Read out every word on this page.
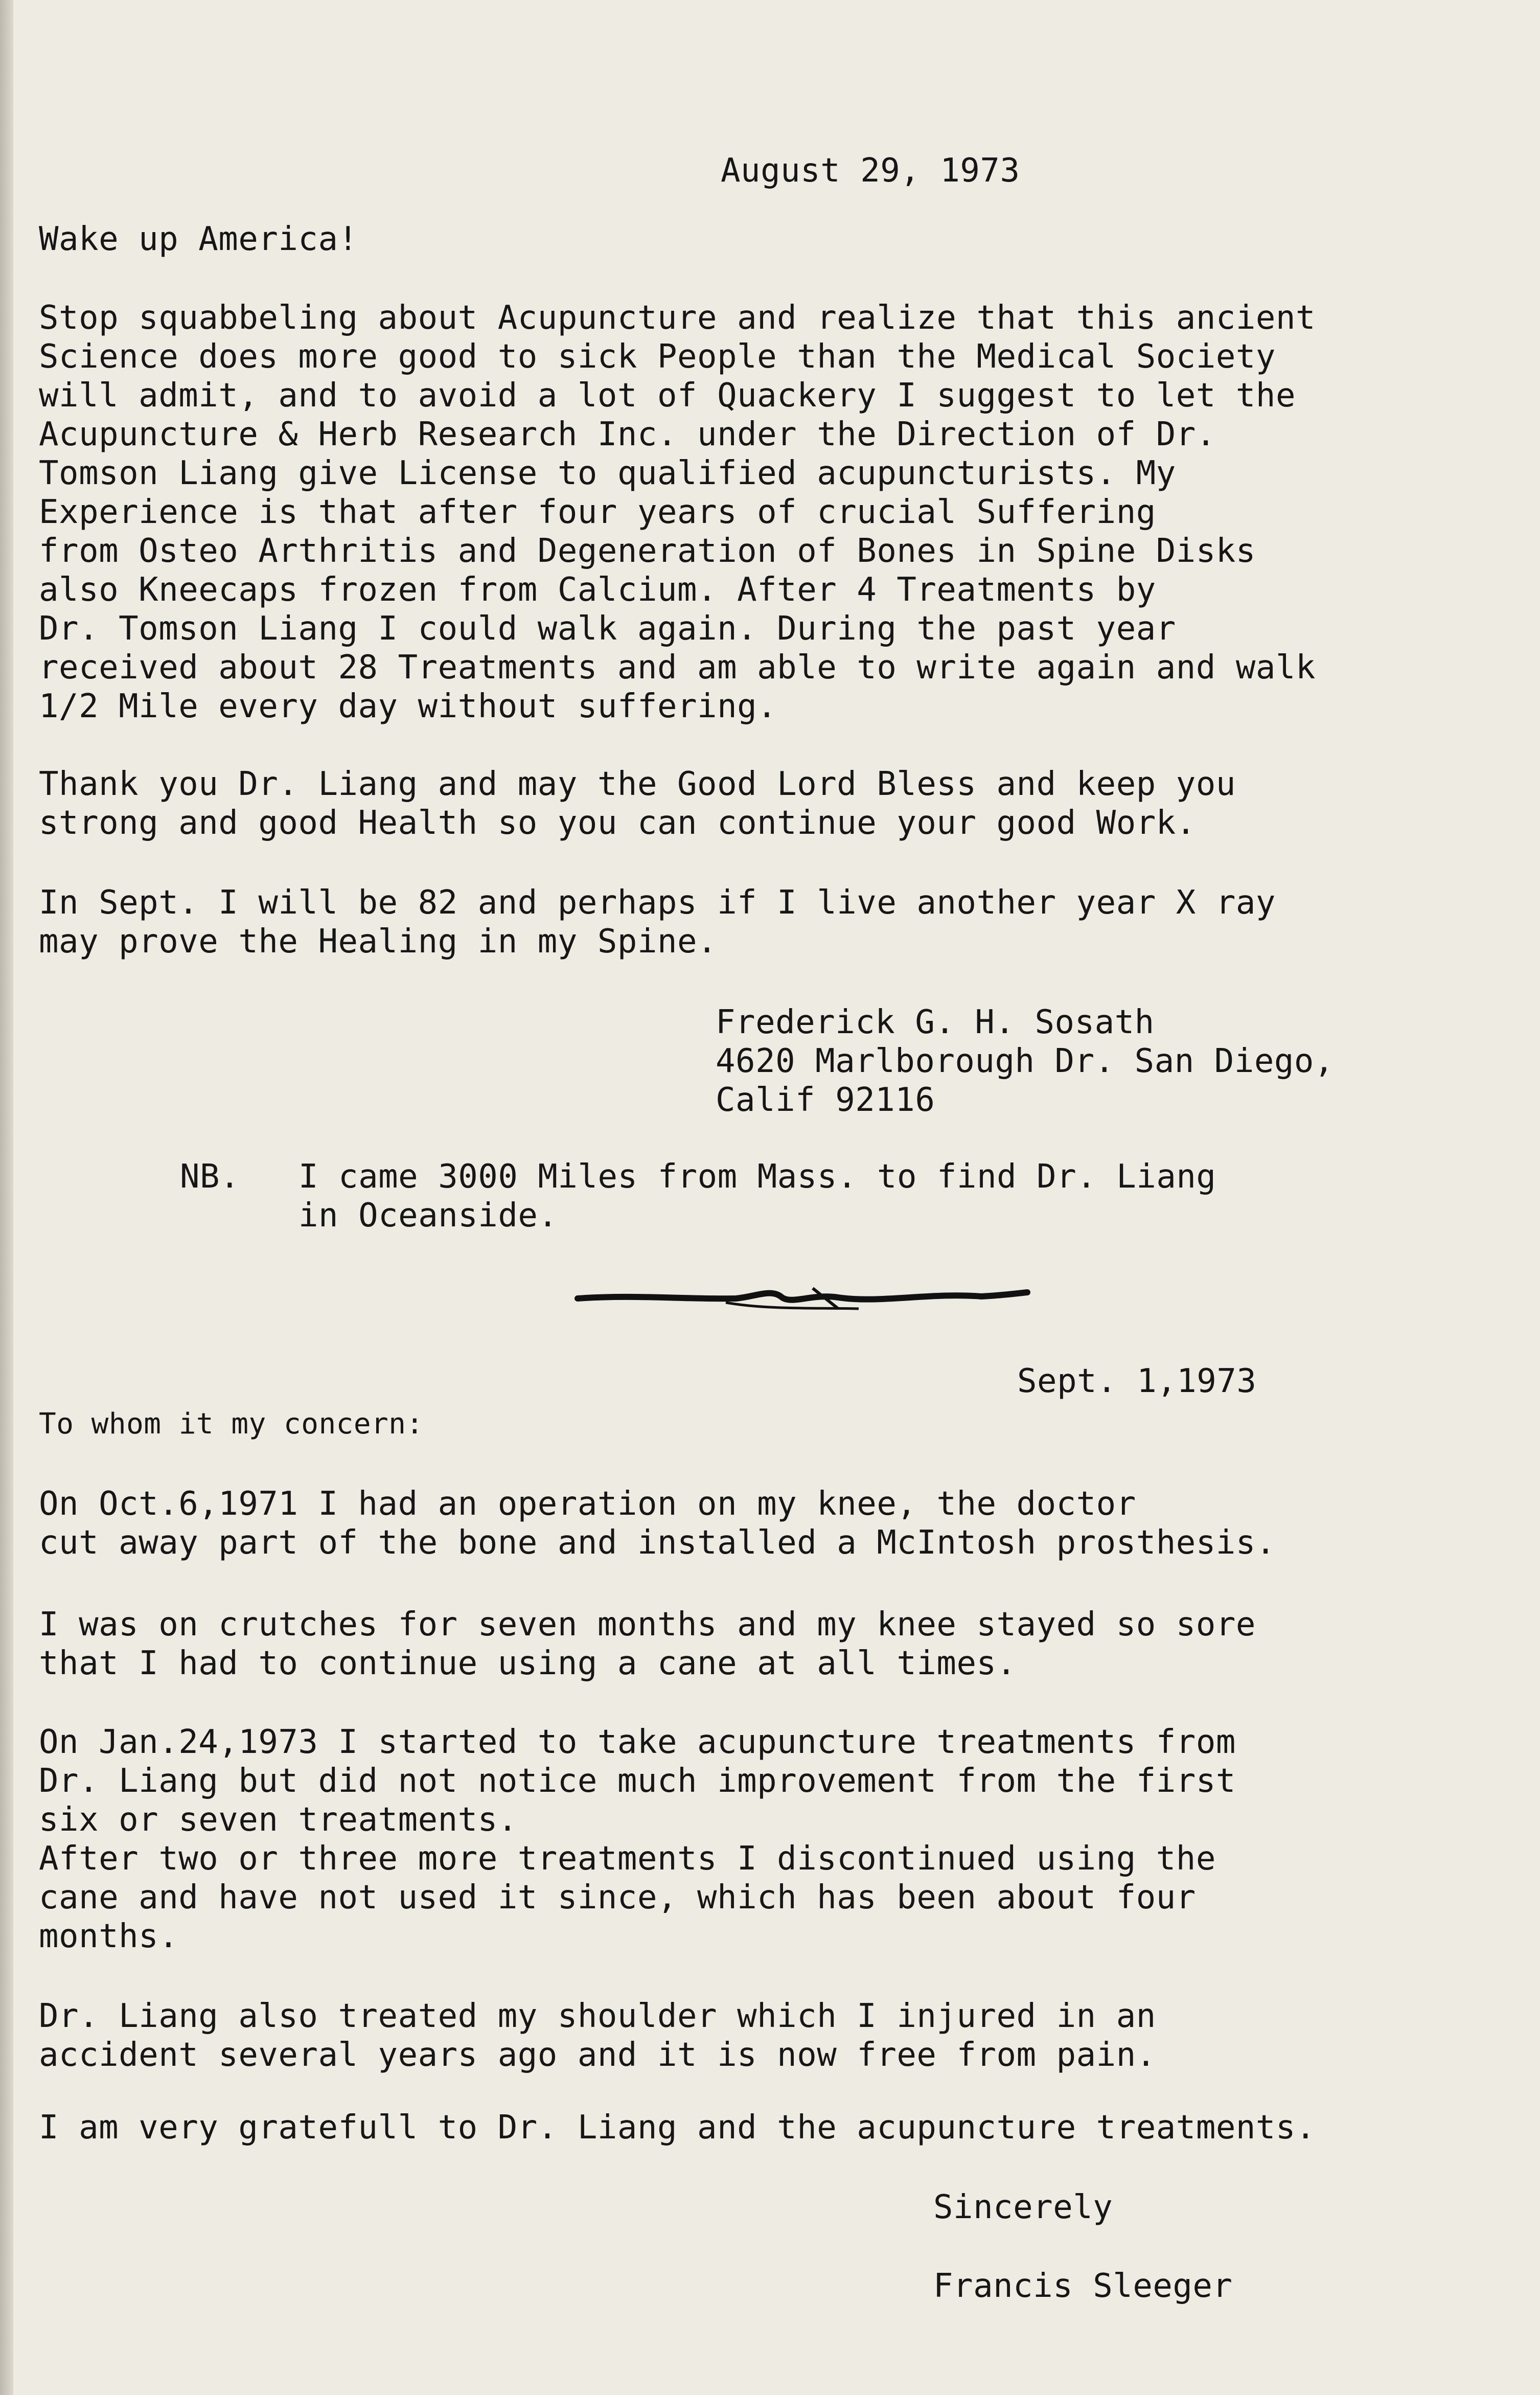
August 29, 1973
Wake up America!
Stop squabbeling about Acupuncture and realize that this ancient
Science does more good to sick People than the Medical Society
will admit, and to avoid a lot of Quackery I suggest to let the
Acupuncture & Herb Research Inc. under the Direction of Dr.
Tomson Liang give License to qualified acupuncturists. My
Experience is that after four years of crucial Suffering
from Osteo Arthritis and Degeneration of Bones in Spine Disks
also Kneecaps frozen from Calcium. After 4 Treatments by
Dr. Tomson Liang I could walk again. During the past year
received about 28 Treatments and am able to write again and walk
1/2 Mile every day without suffering.
Thank you Dr. Liang and may the Good Lord Bless and keep you
strong and good Health so you can continue your good Work.
In Sept. I will be 82 and perhaps if I live another year X ray
may prove the Healing in my Spine.
Frederick G. H. Sosath
4620 Marlborough Dr. San Diego,
Calif 92116
NB. I came 3000 Miles from Mass. to find Dr. Liang
in Oceanside.
Sept. 1,1973
To whom it my concern:
On Oct.6,1971 I had an operation on my knee, the doctor
cut away part of the bone and installed a McIntosh prosthesis.
I was on crutches for seven months and my knee stayed so sore
that I had to continue using a cane at all times.
On Jan.24,1973 I started to take acupuncture treatments from
Dr. Liang but did not notice much improvement from the first
six or seven treatments.
After two or three more treatments I discontinued using the
cane and have not used it since, which has been about four
months.
Dr. Liang also treated my shoulder which I injured in an
accident several years ago and it is now free from pain.
I am very gratefull to Dr. Liang and the acupuncture treatments.
Sincerely
Francis Sleeger
